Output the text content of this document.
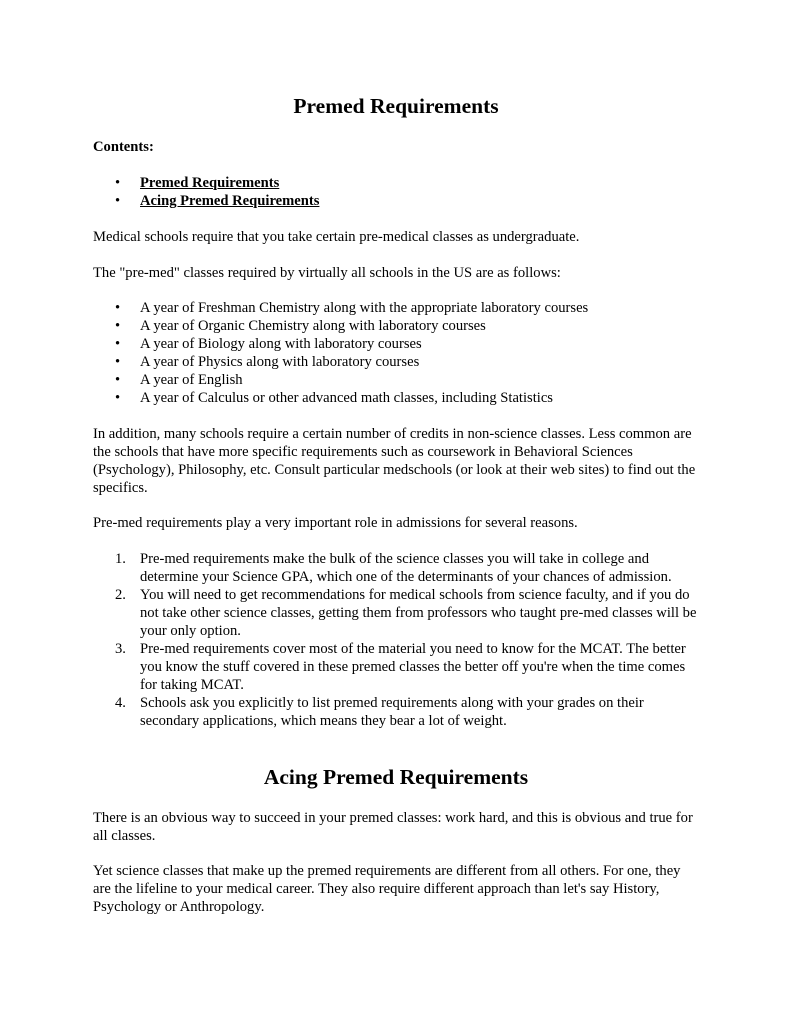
Premed Requirements

Contents:

• Premed Requirements
• Acing Premed Requirements

Medical schools require that you take certain pre-medical classes as undergraduate.

The "pre-med" classes required by virtually all schools in the US are as follows:

• A year of Freshman Chemistry along with the appropriate laboratory courses
• A year of Organic Chemistry along with laboratory courses
• A year of Biology along with laboratory courses
• A year of Physics along with laboratory courses
• A year of English
• A year of Calculus or other advanced math classes, including Statistics

In addition, many schools require a certain number of credits in non-science classes. Less common are the schools that have more specific requirements such as coursework in Behavioral Sciences (Psychology), Philosophy, etc. Consult particular medschools (or look at their web sites) to find out the specifics.

Pre-med requirements play a very important role in admissions for several reasons.

1. Pre-med requirements make the bulk of the science classes you will take in college and determine your Science GPA, which one of the determinants of your chances of admission.
2. You will need to get recommendations for medical schools from science faculty, and if you do not take other science classes, getting them from professors who taught pre-med classes will be your only option.
3. Pre-med requirements cover most of the material you need to know for the MCAT. The better you know the stuff covered in these premed classes the better off you're when the time comes for taking MCAT.
4. Schools ask you explicitly to list premed requirements along with your grades on their secondary applications, which means they bear a lot of weight.
Acing Premed Requirements

There is an obvious way to succeed in your premed classes: work hard, and this is obvious and true for all classes.

Yet science classes that make up the premed requirements are different from all others. For one, they are the lifeline to your medical career. They also require different approach than let's say History, Psychology or Anthropology.
